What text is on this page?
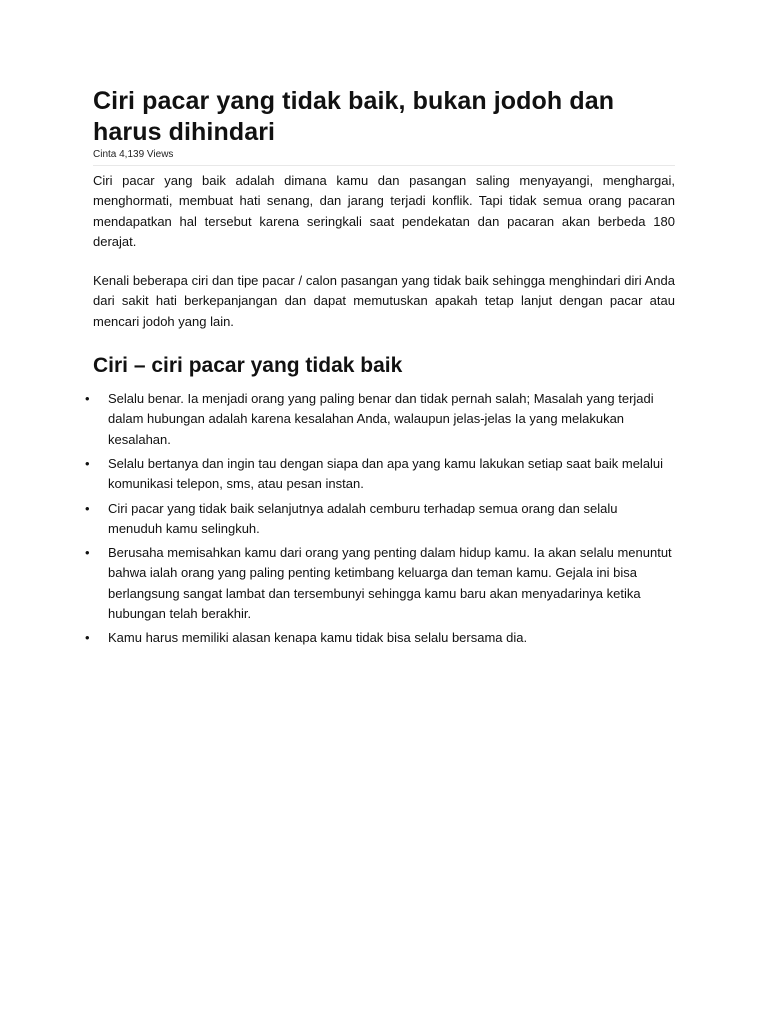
Ciri pacar yang tidak baik, bukan jodoh dan harus dihindari
Cinta 4,139 Views

Ciri pacar yang baik adalah dimana kamu dan pasangan saling menyayangi, menghargai, menghormati, membuat hati senang, dan jarang terjadi konflik. Tapi tidak semua orang pacaran mendapatkan hal tersebut karena seringkali saat pendekatan dan pacaran akan berbeda 180 derajat.

Kenali beberapa ciri dan tipe pacar / calon pasangan yang tidak baik sehingga menghindari diri Anda dari sakit hati berkepanjangan dan dapat memutuskan apakah tetap lanjut dengan pacar atau mencari jodoh yang lain.

Ciri – ciri pacar yang tidak baik
• Selalu benar. Ia menjadi orang yang paling benar dan tidak pernah salah; Masalah yang terjadi dalam hubungan adalah karena kesalahan Anda, walaupun jelas-jelas Ia yang melakukan kesalahan.
• Selalu bertanya dan ingin tau dengan siapa dan apa yang kamu lakukan setiap saat baik melalui komunikasi telepon, sms, atau pesan instan.
• Ciri pacar yang tidak baik selanjutnya adalah cemburu terhadap semua orang dan selalu menuduh kamu selingkuh.
• Berusaha memisahkan kamu dari orang yang penting dalam hidup kamu. Ia akan selalu menuntut bahwa ialah orang yang paling penting ketimbang keluarga dan teman kamu. Gejala ini bisa berlangsung sangat lambat dan tersembunyi sehingga kamu baru akan menyadarinya ketika hubungan telah berakhir.
• Kamu harus memiliki alasan kenapa kamu tidak bisa selalu bersama dia.
